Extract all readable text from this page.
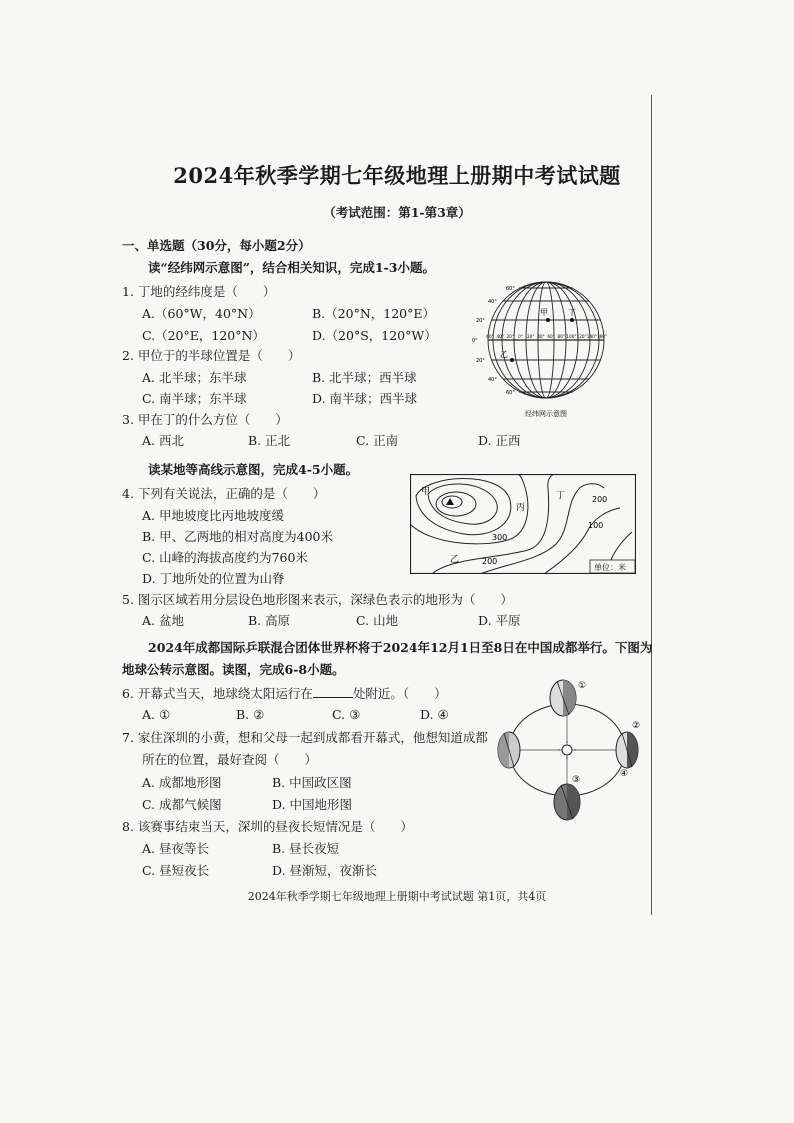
2024年秋季学期七年级地理上册期中考试试题
（考试范围：第1-第3章）
一、单选题（30分，每小题2分）
读“经纬网示意图”，结合相关知识，完成1-3小题。
1. 丁地的经纬度是（　　）
A.（60°W，40°N）	B.（20°N，120°E）
C.（20°E，120°N）	D.（20°S，120°W）
2. 甲位于的半球位置是（　　）
A. 北半球；东半球	B. 北半球；西半球
C. 南半球；东半球	D. 南半球；西半球
3. 甲在丁的什么方位（　　）
A. 西北	B. 正北	C. 正南	D. 正西
甲	丁
乙
60°
40°
20°
0°
20°
40°
60°
60° 40° 20° 0° 20° 40° 60° 80° 100° 120° 140° 160°
经纬网示意图
读某地等高线示意图，完成4-5小题。
4. 下列有关说法，正确的是（　　）
A. 甲地坡度比丙地坡度缓
B. 甲、乙两地的相对高度为400米
C. 山峰的海拔高度约为760米
D. 丁地所处的位置为山脊
5. 图示区域若用分层设色地形图来表示，深绿色表示的地形为（　　）
A. 盆地	B. 高原	C. 山地	D. 平原
甲
丙
丁
乙
200
100
300
200
单位：米
2024年成都国际乒联混合团体世界杯将于2024年12月1日至8日在中国成都举行。下图为
地球公转示意图。读图，完成6-8小题。
6. 开幕式当天，地球绕太阳运行在	处附近。（　　）
A. ①	B. ②	C. ③	D. ④
7. 家住深圳的小黄，想和父母一起到成都看开幕式，他想知道成都
所在的位置，最好查阅（　　）
A. 成都地形图	B. 中国政区图
C. 成都气候图	D. 中国地形图
8. 该赛事结束当天，深圳的昼夜长短情况是（　　）
A. 昼夜等长	B. 昼长夜短
C. 昼短夜长	D. 昼渐短，夜渐长
①
②
④
③
2024年秋季学期七年级地理上册期中考试试题 第1页，共4页
